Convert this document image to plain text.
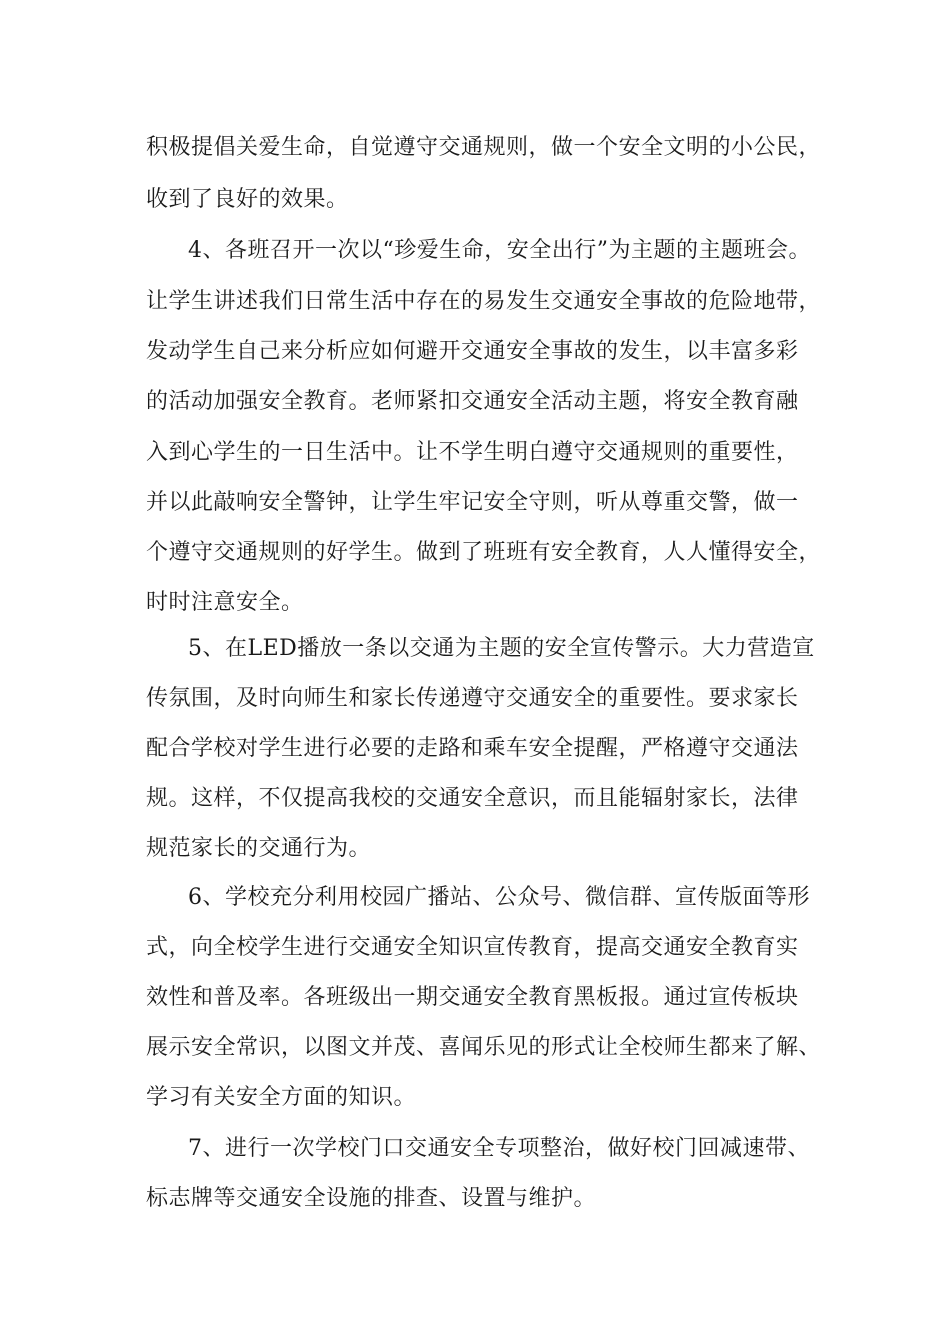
积极提倡关爱生命，自觉遵守交通规则，做一个安全文明的小公民，
收到了良好的效果。
4、各班召开一次以“珍爱生命，安全出行”为主题的主题班会。
让学生讲述我们日常生活中存在的易发生交通安全事故的危险地带，
发动学生自己来分析应如何避开交通安全事故的发生，以丰富多彩
的活动加强安全教育。老师紧扣交通安全活动主题，将安全教育融
入到心学生的一日生活中。让不学生明白遵守交通规则的重要性，
并以此敲响安全警钟，让学生牢记安全守则，听从尊重交警，做一
个遵守交通规则的好学生。做到了班班有安全教育，人人懂得安全，
时时注意安全。
5、在LED播放一条以交通为主题的安全宣传警示。大力营造宣
传氛围，及时向师生和家长传递遵守交通安全的重要性。要求家长
配合学校对学生进行必要的走路和乘车安全提醒，严格遵守交通法
规。这样，不仅提高我校的交通安全意识，而且能辐射家长，法律
规范家长的交通行为。
6、学校充分利用校园广播站、公众号、微信群、宣传版面等形
式，向全校学生进行交通安全知识宣传教育，提高交通安全教育实
效性和普及率。各班级出一期交通安全教育黑板报。通过宣传板块
展示安全常识，以图文并茂、喜闻乐见的形式让全校师生都来了解、
学习有关安全方面的知识。
7、进行一次学校门口交通安全专项整治，做好校门回减速带、
标志牌等交通安全设施的排查、设置与维护。
